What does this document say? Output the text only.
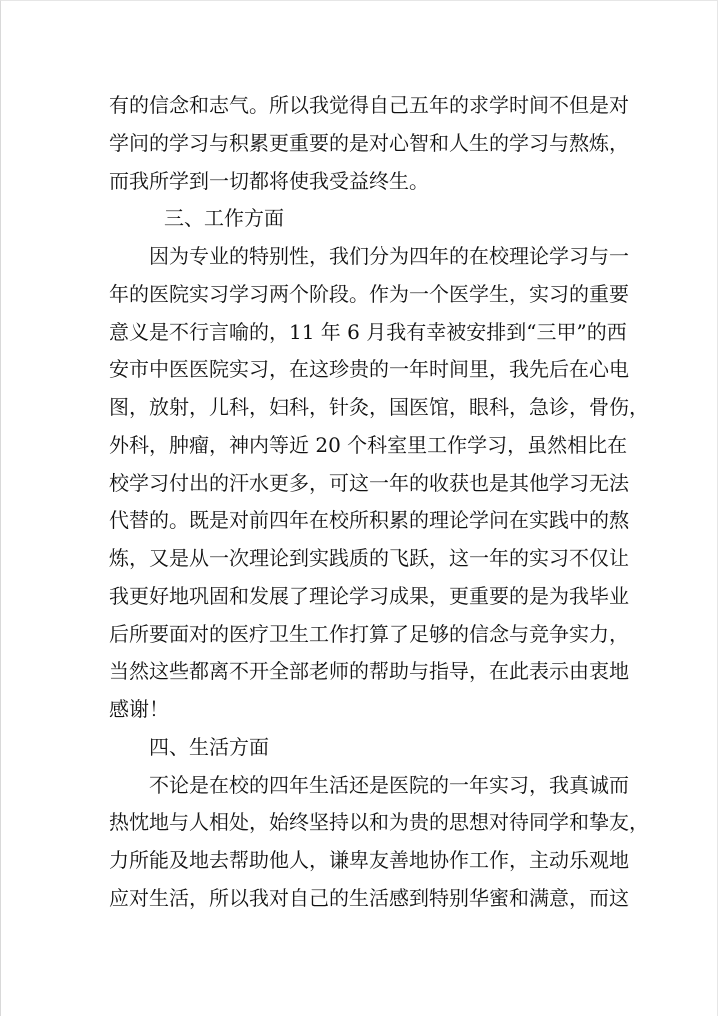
有的信念和志气。所以我觉得自己五年的求学时间不但是对
学问的学习与积累更重要的是对心智和人生的学习与熬炼，
而我所学到一切都将使我受益终生。
三、工作方面
因为专业的特别性，我们分为四年的在校理论学习与一
年的医院实习学习两个阶段。作为一个医学生，实习的重要
意义是不行言喻的，11 年 6 月我有幸被安排到“三甲”的西
安市中医医院实习，在这珍贵的一年时间里，我先后在心电
图，放射，儿科，妇科，针灸，国医馆，眼科，急诊，骨伤，
外科，肿瘤，神内等近 20 个科室里工作学习，虽然相比在
校学习付出的汗水更多，可这一年的收获也是其他学习无法
代替的。既是对前四年在校所积累的理论学问在实践中的熬
炼，又是从一次理论到实践质的飞跃，这一年的实习不仅让
我更好地巩固和发展了理论学习成果，更重要的是为我毕业
后所要面对的医疗卫生工作打算了足够的信念与竞争实力，
当然这些都离不开全部老师的帮助与指导，在此表示由衷地
感谢！
四、生活方面
不论是在校的四年生活还是医院的一年实习，我真诚而
热忱地与人相处，始终坚持以和为贵的思想对待同学和挚友，
力所能及地去帮助他人，谦卑友善地协作工作，主动乐观地
应对生活，所以我对自己的生活感到特别华蜜和满意，而这
